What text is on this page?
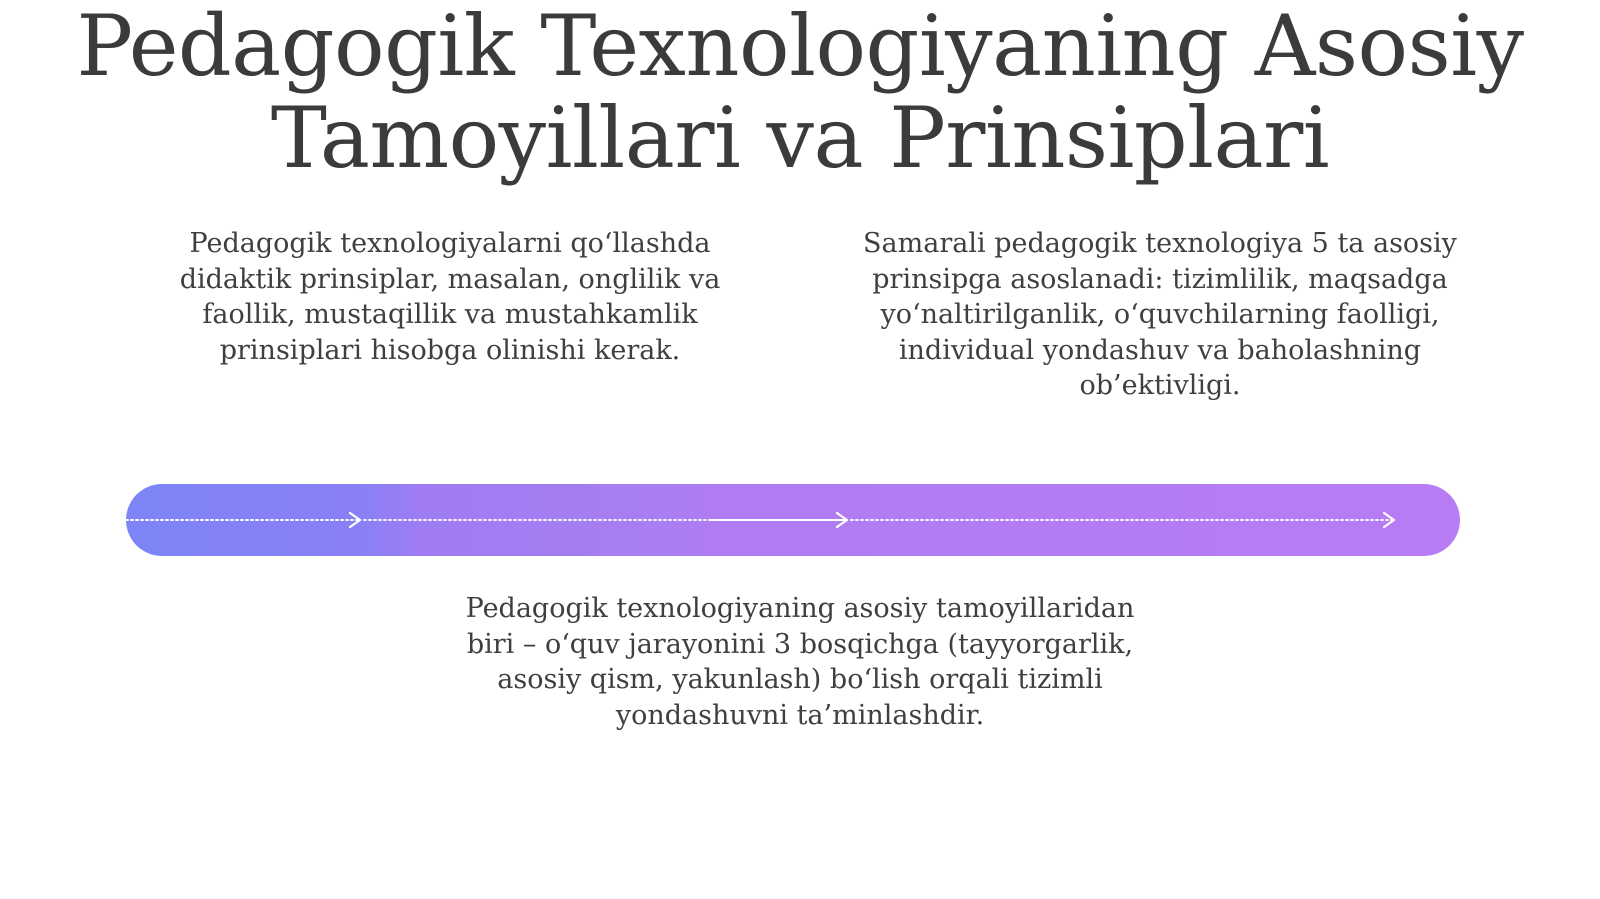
Pedagogik Texnologiyaning Asosiy
Tamoyillari va Prinsiplari

Pedagogik texnologiyalarni qo‘llashda
didaktik prinsiplar, masalan, onglilik va
faollik, mustaqillik va mustahkamlik
prinsiplari hisobga olinishi kerak.

Samarali pedagogik texnologiya 5 ta asosiy
prinsipga asoslanadi: tizimlilik, maqsadga
yo‘naltirilganlik, o‘quvchilarning faolligi,
individual yondashuv va baholashning
ob’ektivligi.

Pedagogik texnologiyaning asosiy tamoyillaridan
biri – o‘quv jarayonini 3 bosqichga (tayyorgarlik,
asosiy qism, yakunlash) bo‘lish orqali tizimli
yondashuvni ta’minlashdir.
